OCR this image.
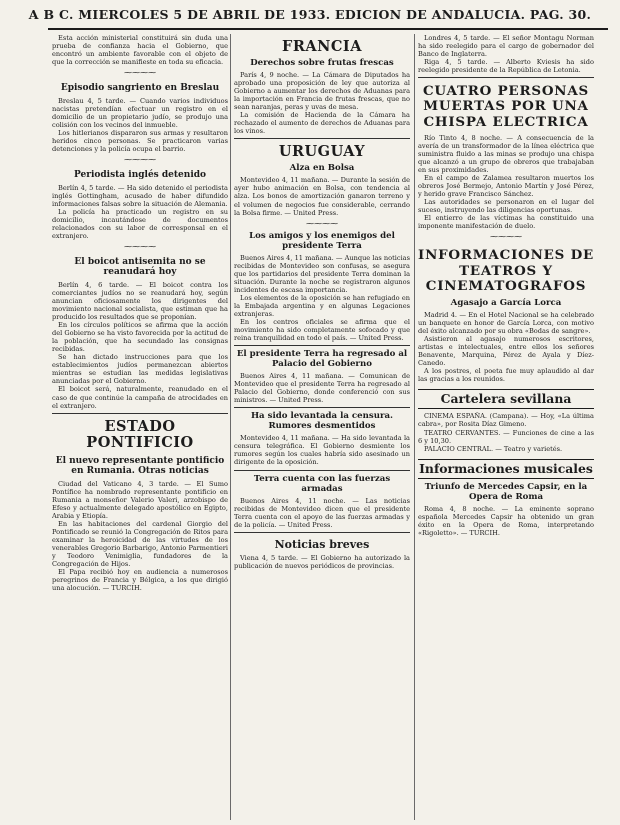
A B C. MIERCOLES 5 DE ABRIL DE 1933. EDICION DE ANDALUCIA. PAG. 30.

Esta acción ministerial constituirá sin duda una prueba de confianza hacia el Gobierno, que encontró un ambiente favorable con el objeto de que la corrección se manifieste en toda su eficacia.

⁓⁓⁓⁓
Episodio sangriento en Breslau

Breslau 4, 5 tarde. — Cuando varios individuos nacistas pretendían efectuar un registro en el domicilio de un propietario judío, se produjo una colisión con los vecinos del inmueble.

Los hitlerianos dispararon sus armas y resultaron heridos cinco personas. Se practicaron varias detenciones y la policía ocupa el barrio.

⁓⁓⁓⁓
Periodista inglés detenido

Berlín 4, 5 tarde. — Ha sido detenido el periodista inglés Gottingham, acusado de haber difundido informaciones falsas sobre la situación de Alemania.

La policía ha practicado un registro en su domicilio, incautándose de documentos relacionados con su labor de corresponsal en el extranjero.

⁓⁓⁓⁓
El boicot antisemita no se reanudará hoy

Berlín 4, 6 tarde. — El boicot contra los comerciantes judíos no se reanudará hoy, según anuncian oficiosamente los dirigentes del movimiento nacional socialista, que estiman que ha producido los resultados que se proponían.

En los círculos políticos se afirma que la acción del Gobierno se ha visto favorecida por la actitud de la población, que ha secundado las consignas recibidas.

Se han dictado instrucciones para que los establecimientos judíos permanezcan abiertos mientras se estudian las medidas legislativas anunciadas por el Gobierno.

El boicot será, naturalmente, reanudado en el caso de que continúe la campaña de atrocidades en el extranjero.

ESTADO PONTIFICIO
El nuevo representante pontificio en Rumania. Otras noticias

Ciudad del Vaticano 4, 3 tarde. — El Sumo Pontífice ha nombrado representante pontificio en Rumania a monseñor Valerio Valeri, arzobispo de Efeso y actualmente delegado apostólico en Egipto, Arabia y Etiopía.

En las habitaciones del cardenal Giorgio del Pontificado se reunió la Congregación de Ritos para examinar la heroicidad de las virtudes de los venerables Gregorio Barbarigo, Antonio Parmentieri y Teodoro Venimiglia, fundadores de la Congregación de Hijos.

El Papa recibió hoy en audiencia a numerosos peregrinos de Francia y Bélgica, a los que dirigió una alocución. — TURCIH.

FRANCIA
Derechos sobre frutas frescas

París 4, 9 noche. — La Cámara de Diputados ha aprobado una proposición de ley que autoriza al Gobierno a aumentar los derechos de Aduanas para la importación en Francia de frutas frescas, que no sean naranjas, peras y uvas de mesa.

La comisión de Hacienda de la Cámara ha rechazado el aumento de derechos de Aduanas para los vinos.

URUGUAY
Alza en Bolsa

Montevideo 4, 11 mañana. — Durante la sesión de ayer hubo animación en Bolsa, con tendencia al alza. Los bonos de amortización ganaron terreno y el volumen de negocios fue considerable, cerrando la Bolsa firme. — United Press.

⁓⁓⁓⁓
Los amigos y los enemigos del presidente Terra

Buenos Aires 4, 11 mañana. — Aunque las noticias recibidas de Montevideo son confusas, se asegura que los partidarios del presidente Terra dominan la situación. Durante la noche se registraron algunos incidentes de escasa importancia.

Los elementos de la oposición se han refugiado en la Embajada argentina y en algunas Legaciones extranjeras.

En los centros oficiales se afirma que el movimiento ha sido completamente sofocado y que reina tranquilidad en todo el país. — United Press.

El presidente Terra ha regresado al Palacio del Gobierno

Buenos Aires 4, 11 mañana. — Comunican de Montevideo que el presidente Terra ha regresado al Palacio del Gobierno, donde conferenció con sus ministros. — United Press.

Ha sido levantada la censura. Rumores desmentidos

Montevideo 4, 11 mañana. — Ha sido levantada la censura telegráfica. El Gobierno desmiente los rumores según los cuales habría sido asesinado un dirigente de la oposición.

Terra cuenta con las fuerzas armadas

Buenos Aires 4, 11 noche. — Las noticias recibidas de Montevideo dicen que el presidente Terra cuenta con el apoyo de las fuerzas armadas y de la policía. — United Press.

Noticias breves

Viena 4, 5 tarde. — El Gobierno ha autorizado la publicación de nuevos periódicos de provincias.

Londres 4, 5 tarde. — El señor Montagu Norman ha sido reelegido para el cargo de gobernador del Banco de Inglaterra.

Riga 4, 5 tarde. — Alberto Kviesis ha sido reelegido presidente de la República de Letonia.

CUATRO PERSONAS MUERTAS POR UNA CHISPA ELECTRICA

Río Tinto 4, 8 noche. — A consecuencia de la avería de un transformador de la línea eléctrica que suministra fluido a las minas se produjo una chispa que alcanzó a un grupo de obreros que trabajaban en sus proximidades.

En el campo de Zalamea resultaron muertos los obreros José Bermejo, Antonio Martín y José Pérez, y herido grave Francisco Sánchez.

Las autoridades se personaron en el lugar del suceso, instruyendo las diligencias oportunas.

El entierro de las víctimas ha constituido una imponente manifestación de duelo.

⁓⁓⁓⁓
INFORMACIONES DE TEATROS Y CINEMATOGRAFOS
Agasajo a García Lorca

Madrid 4. — En el Hotel Nacional se ha celebrado un banquete en honor de García Lorca, con motivo del éxito alcanzado por su obra «Bodas de sangre».

Asistieron al agasajo numerosos escritores, artistas e intelectuales, entre ellos los señores Benavente, Marquina, Pérez de Ayala y Díez-Canedo.

A los postres, el poeta fue muy aplaudido al dar las gracias a los reunidos.

Cartelera sevillana

CINEMA ESPAÑA. (Campana). — Hoy, «La última cabra», por Rosita Díaz Gimeno.

TEATRO CERVANTES. — Funciones de cine a las 6 y 10,30.

PALACIO CENTRAL. — Teatro y varietés.

Informaciones musicales
Triunfo de Mercedes Capsir, en la Opera de Roma

Roma 4, 8 noche. — La eminente soprano española Mercedes Capsir ha obtenido un gran éxito en la Opera de Roma, interpretando «Rigoletto». — TURCIH.
